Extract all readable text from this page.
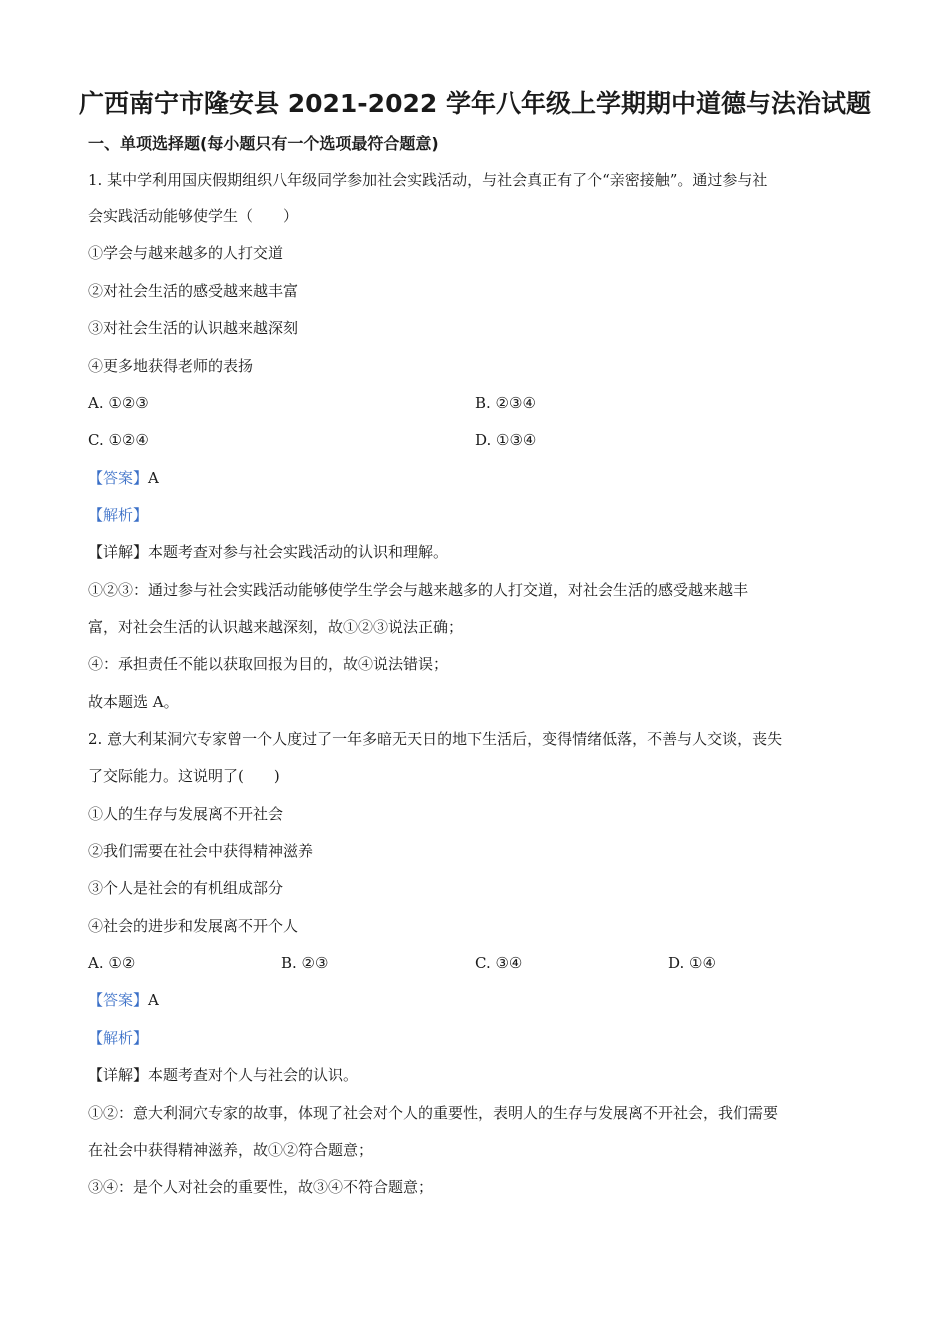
广西南宁市隆安县 2021-2022 学年八年级上学期期中道德与法治试题
一、单项选择题(每小题只有一个选项最符合题意)
1. 某中学利用国庆假期组织八年级同学参加社会实践活动，与社会真正有了个“亲密接触”。通过参与社
会实践活动能够使学生（　　）
①学会与越来越多的人打交道
②对社会生活的感受越来越丰富
③对社会生活的认识越来越深刻
④更多地获得老师的表扬
A. ①②③	B. ②③④
C. ①②④	D. ①③④
【答案】A
【解析】
【详解】本题考查对参与社会实践活动的认识和理解。
①②③：通过参与社会实践活动能够使学生学会与越来越多的人打交道，对社会生活的感受越来越丰
富，对社会生活的认识越来越深刻，故①②③说法正确；
④：承担责任不能以获取回报为目的，故④说法错误；
故本题选 A。
2. 意大利某洞穴专家曾一个人度过了一年多暗无天日的地下生活后，变得情绪低落，不善与人交谈，丧失
了交际能力。这说明了(　　)
①人的生存与发展离不开社会
②我们需要在社会中获得精神滋养
③个人是社会的有机组成部分
④社会的进步和发展离不开个人
A. ①②	B. ②③	C. ③④	D. ①④
【答案】A
【解析】
【详解】本题考查对个人与社会的认识。
①②：意大利洞穴专家的故事，体现了社会对个人的重要性，表明人的生存与发展离不开社会，我们需要
在社会中获得精神滋养，故①②符合题意；
③④：是个人对社会的重要性，故③④不符合题意；
